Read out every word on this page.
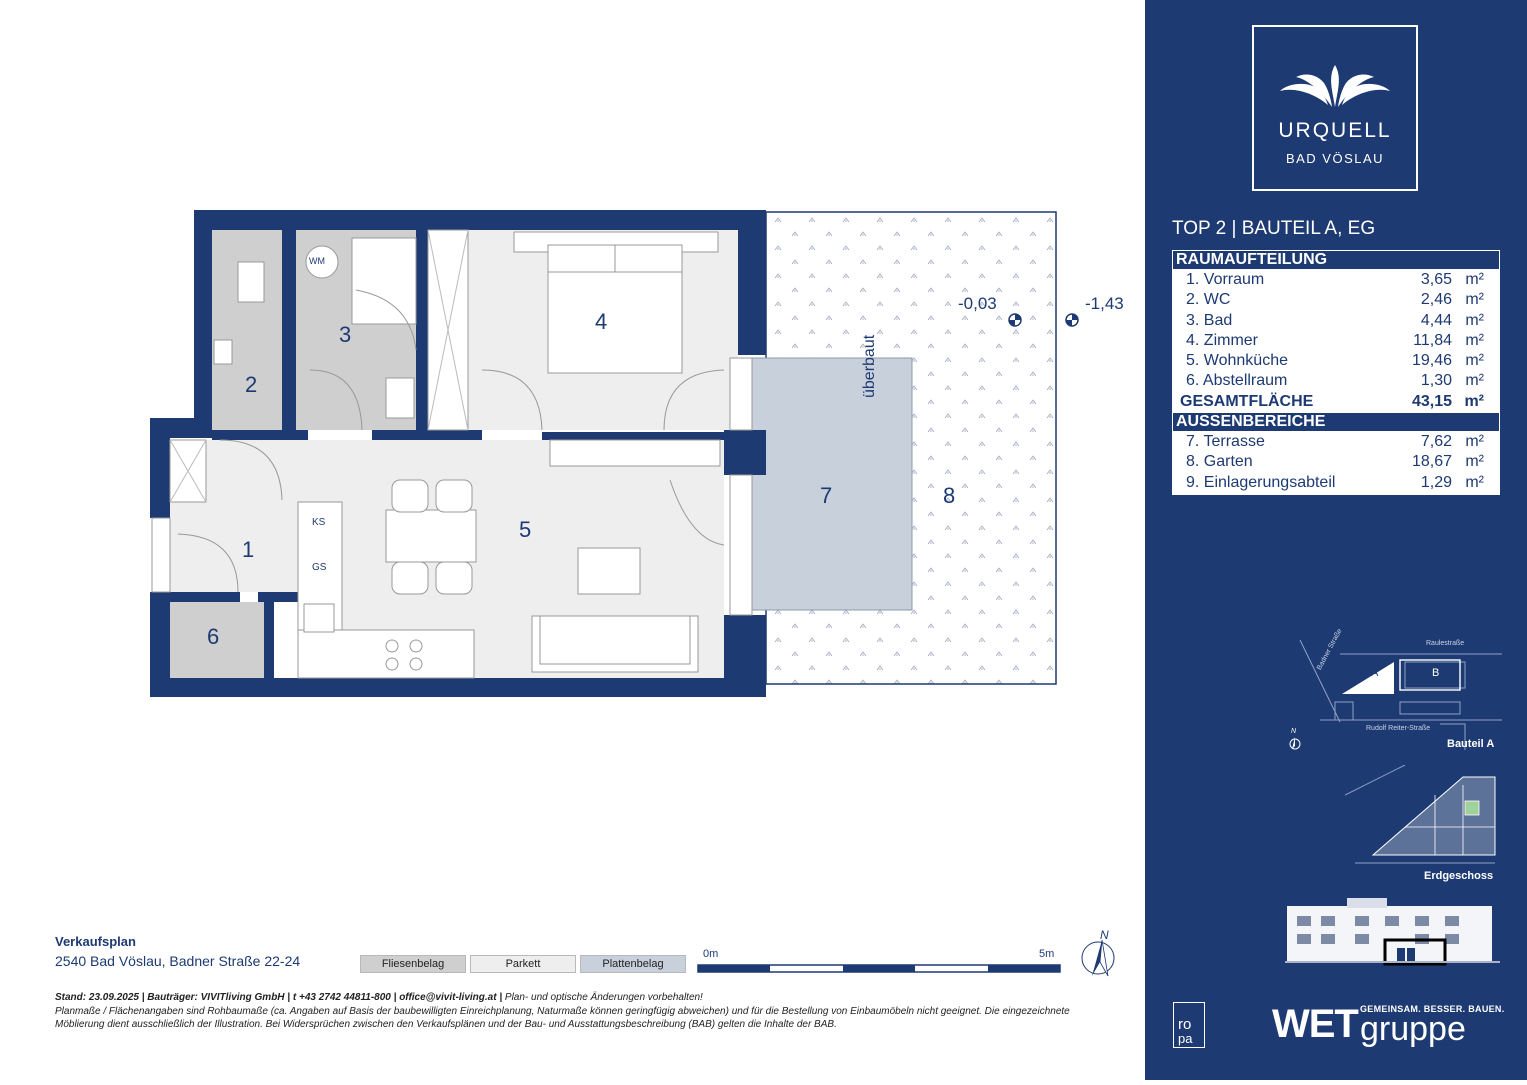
1
2
3
4
5
6
7	8
WM
KS
GS
überbaut
-0,03	-1,43
Verkaufsplan
2540 Bad Vöslau, Badner Straße 22-24	Fliesenbelag	Parkett	Plattenbelag
0m	5m
N
Stand: 23.09.2025 | Bauträger: VIVITliving GmbH | t +43 2742 44811-800 | office@vivit-living.at | Plan- und optische Änderungen vorbehalten!
Planmaße / Flächenangaben sind Rohbaumaße (ca. Angaben auf Basis der baubewilligten Einreichplanung, Naturmaße können geringfügig abweichen) und für die Bestellung von Einbaumöbeln nicht geeignet. Die eingezeichnete Möblierung dient ausschließlich der Illustration. Bei Widersprüchen zwischen den Verkaufsplänen und der Bau- und Ausstattungsbeschreibung (BAB) gelten die Inhalte der BAB.
URQUELL
BAD VÖSLAU
TOP 2 | BAUTEIL A, EG
RAUMAUFTEILUNG
1. Vorraum	3,65 m²
2. WC	2,46 m²
3. Bad	4,44 m²
4. Zimmer	11,84 m²
5. Wohnküche	19,46 m²
6. Abstellraum	1,30 m²
GESAMTFLÄCHE	43,15 m²
AUSSENBEREICHE
7. Terrasse	7,62 m²
8. Garten	18,67 m²
9. Einlagerungsabteil	1,29 m²
A	B
Raulestraße
Badner Straße
Rudolf Reiter-Straße
N
Bauteil A
Erdgeschoss
ro
pa WET GEMEINSAM. BESSER. BAUEN.
gruppe
